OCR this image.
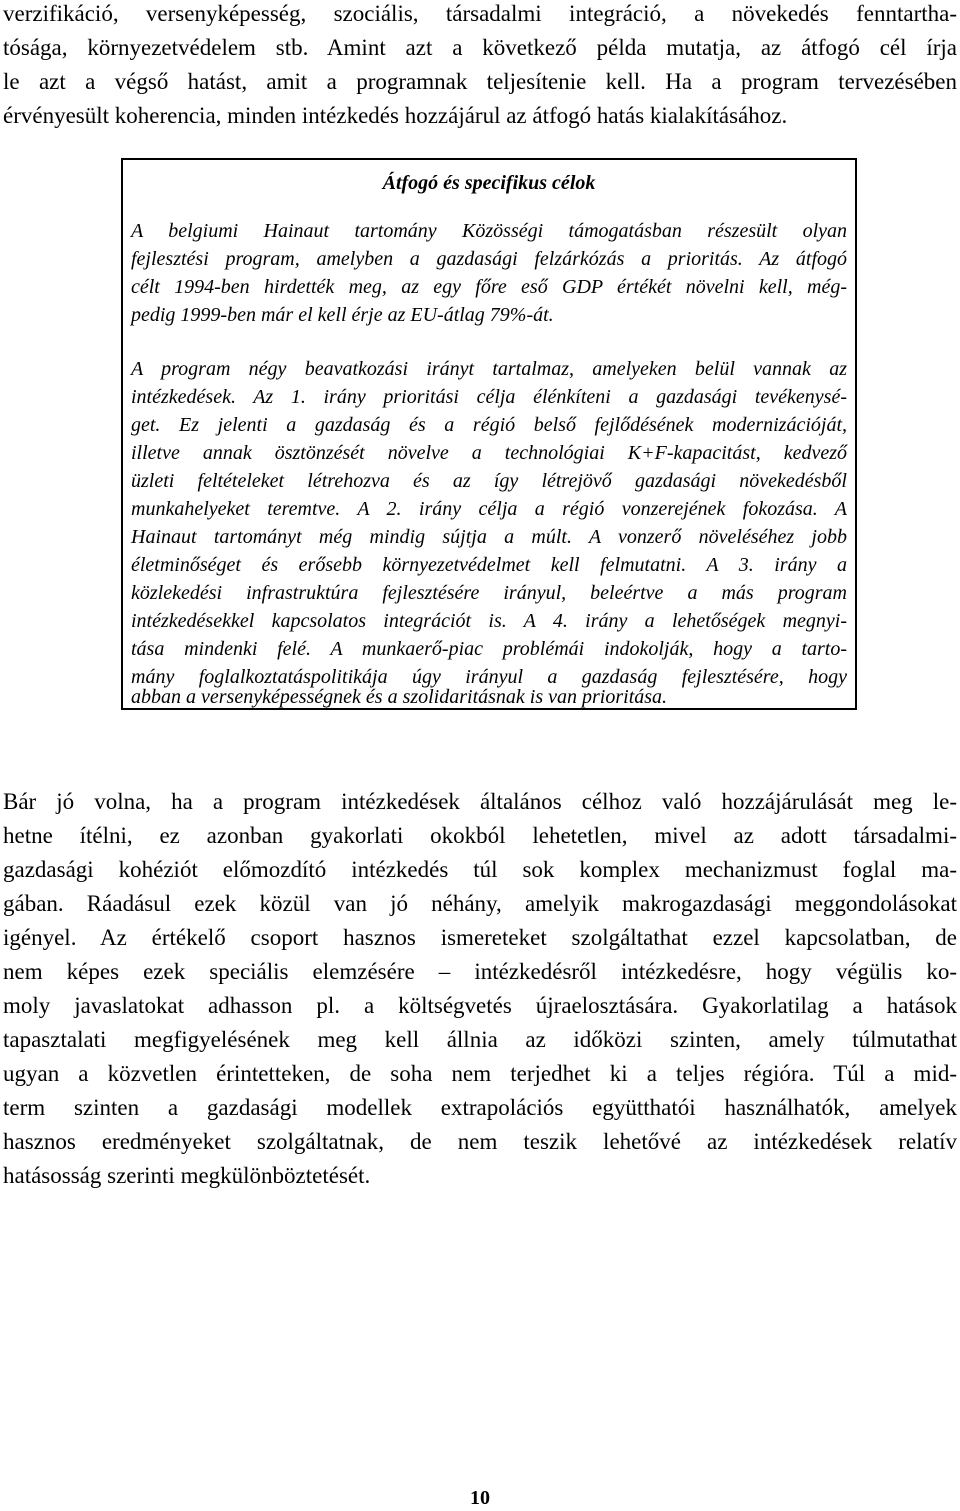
verzifikáció, versenyképesség, szociális, társadalmi integráció, a növekedés fenntartha-

tósága, környezetvédelem stb. Amint azt a következő példa mutatja, az átfogó cél írja

le azt a végső hatást, amit a programnak teljesítenie kell. Ha a program tervezésében

érvényesült koherencia, minden intézkedés hozzájárul az átfogó hatás kialakításához.

Átfogó és specifikus célok

A belgiumi Hainaut tartomány Közösségi támogatásban részesült olyan

fejlesztési program, amelyben a gazdasági felzárkózás a prioritás. Az átfogó

célt 1994-ben hirdették meg, az egy főre eső GDP értékét növelni kell, még-

pedig 1999-ben már el kell érje az EU-átlag 79%-át.

A program négy beavatkozási irányt tartalmaz, amelyeken belül vannak az

intézkedések. Az 1. irány prioritási célja élénkíteni a gazdasági tevékenysé-

get. Ez jelenti a gazdaság és a régió belső fejlődésének modernizációját,

illetve annak ösztönzését növelve a technológiai K+F-kapacitást, kedvező

üzleti feltételeket létrehozva és az így létrejövő gazdasági növekedésből

munkahelyeket teremtve. A 2. irány célja a régió vonzerejének fokozása. A

Hainaut tartományt még mindig sújtja a múlt. A vonzerő növeléséhez jobb

életminőséget és erősebb környezetvédelmet kell felmutatni. A 3. irány a

közlekedési infrastruktúra fejlesztésére irányul, beleértve a más program

intézkedésekkel kapcsolatos integrációt is. A 4. irány a lehetőségek megnyi-

tása mindenki felé. A munkaerő-piac problémái indokolják, hogy a tarto-

mány foglalkoztatáspolitikája úgy irányul a gazdaság fejlesztésére, hogy

abban a versenyképességnek és a szolidaritásnak is van prioritása.

Bár jó volna, ha a program intézkedések általános célhoz való hozzájárulását meg le-

hetne ítélni, ez azonban gyakorlati okokból lehetetlen, mivel az adott társadalmi-

gazdasági kohéziót előmozdító intézkedés túl sok komplex mechanizmust foglal ma-

gában. Ráadásul ezek közül van jó néhány, amelyik makrogazdasági meggondolásokat

igényel. Az értékelő csoport hasznos ismereteket szolgáltathat ezzel kapcsolatban, de

nem képes ezek speciális elemzésére – intézkedésről intézkedésre, hogy végülis ko-

moly javaslatokat adhasson pl. a költségvetés újraelosztására. Gyakorlatilag a hatások

tapasztalati megfigyelésének meg kell állnia az időközi szinten, amely túlmutathat

ugyan a közvetlen érintetteken, de soha nem terjedhet ki a teljes régióra. Túl a mid-

term szinten a gazdasági modellek extrapolációs együtthatói használhatók, amelyek

hasznos eredményeket szolgáltatnak, de nem teszik lehetővé az intézkedések relatív

hatásosság szerinti megkülönböztetését.

10
